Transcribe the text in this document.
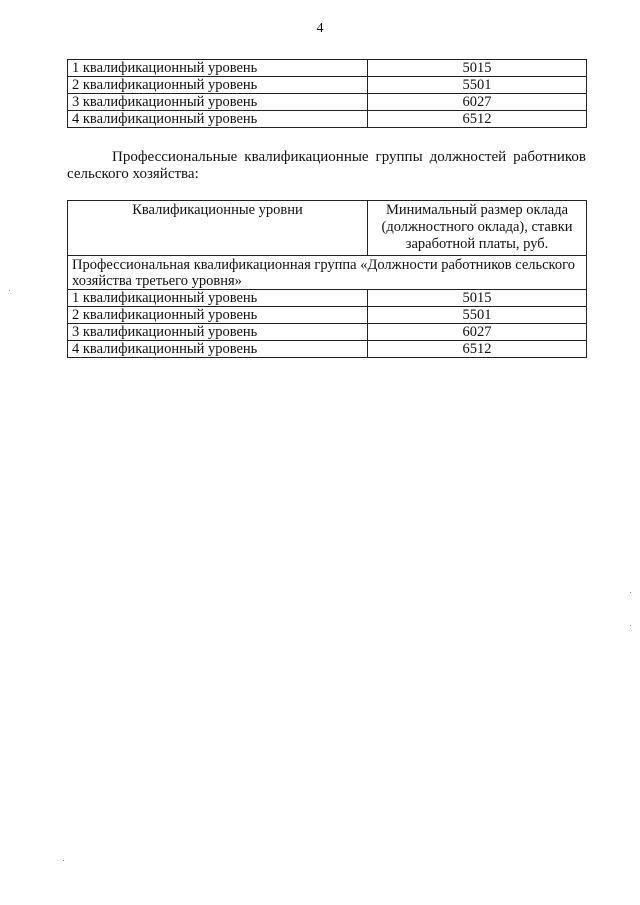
4
1 квалификационный уровень	5015
2 квалификационный уровень	5501
3 квалификационный уровень	6027
4 квалификационный уровень	6512

Профессиональные квалификационные группы должностей работников сельского хозяйства:

Квалификационные уровни	Минимальный размер оклада (должностного оклада), ставки заработной платы, руб.
Профессиональная квалификационная группа «Должности работников сельского хозяйства третьего уровня»	
1 квалификационный уровень	5015
2 квалификационный уровень	5501
3 квалификационный уровень	6027
4 квалификационный уровень	6512
